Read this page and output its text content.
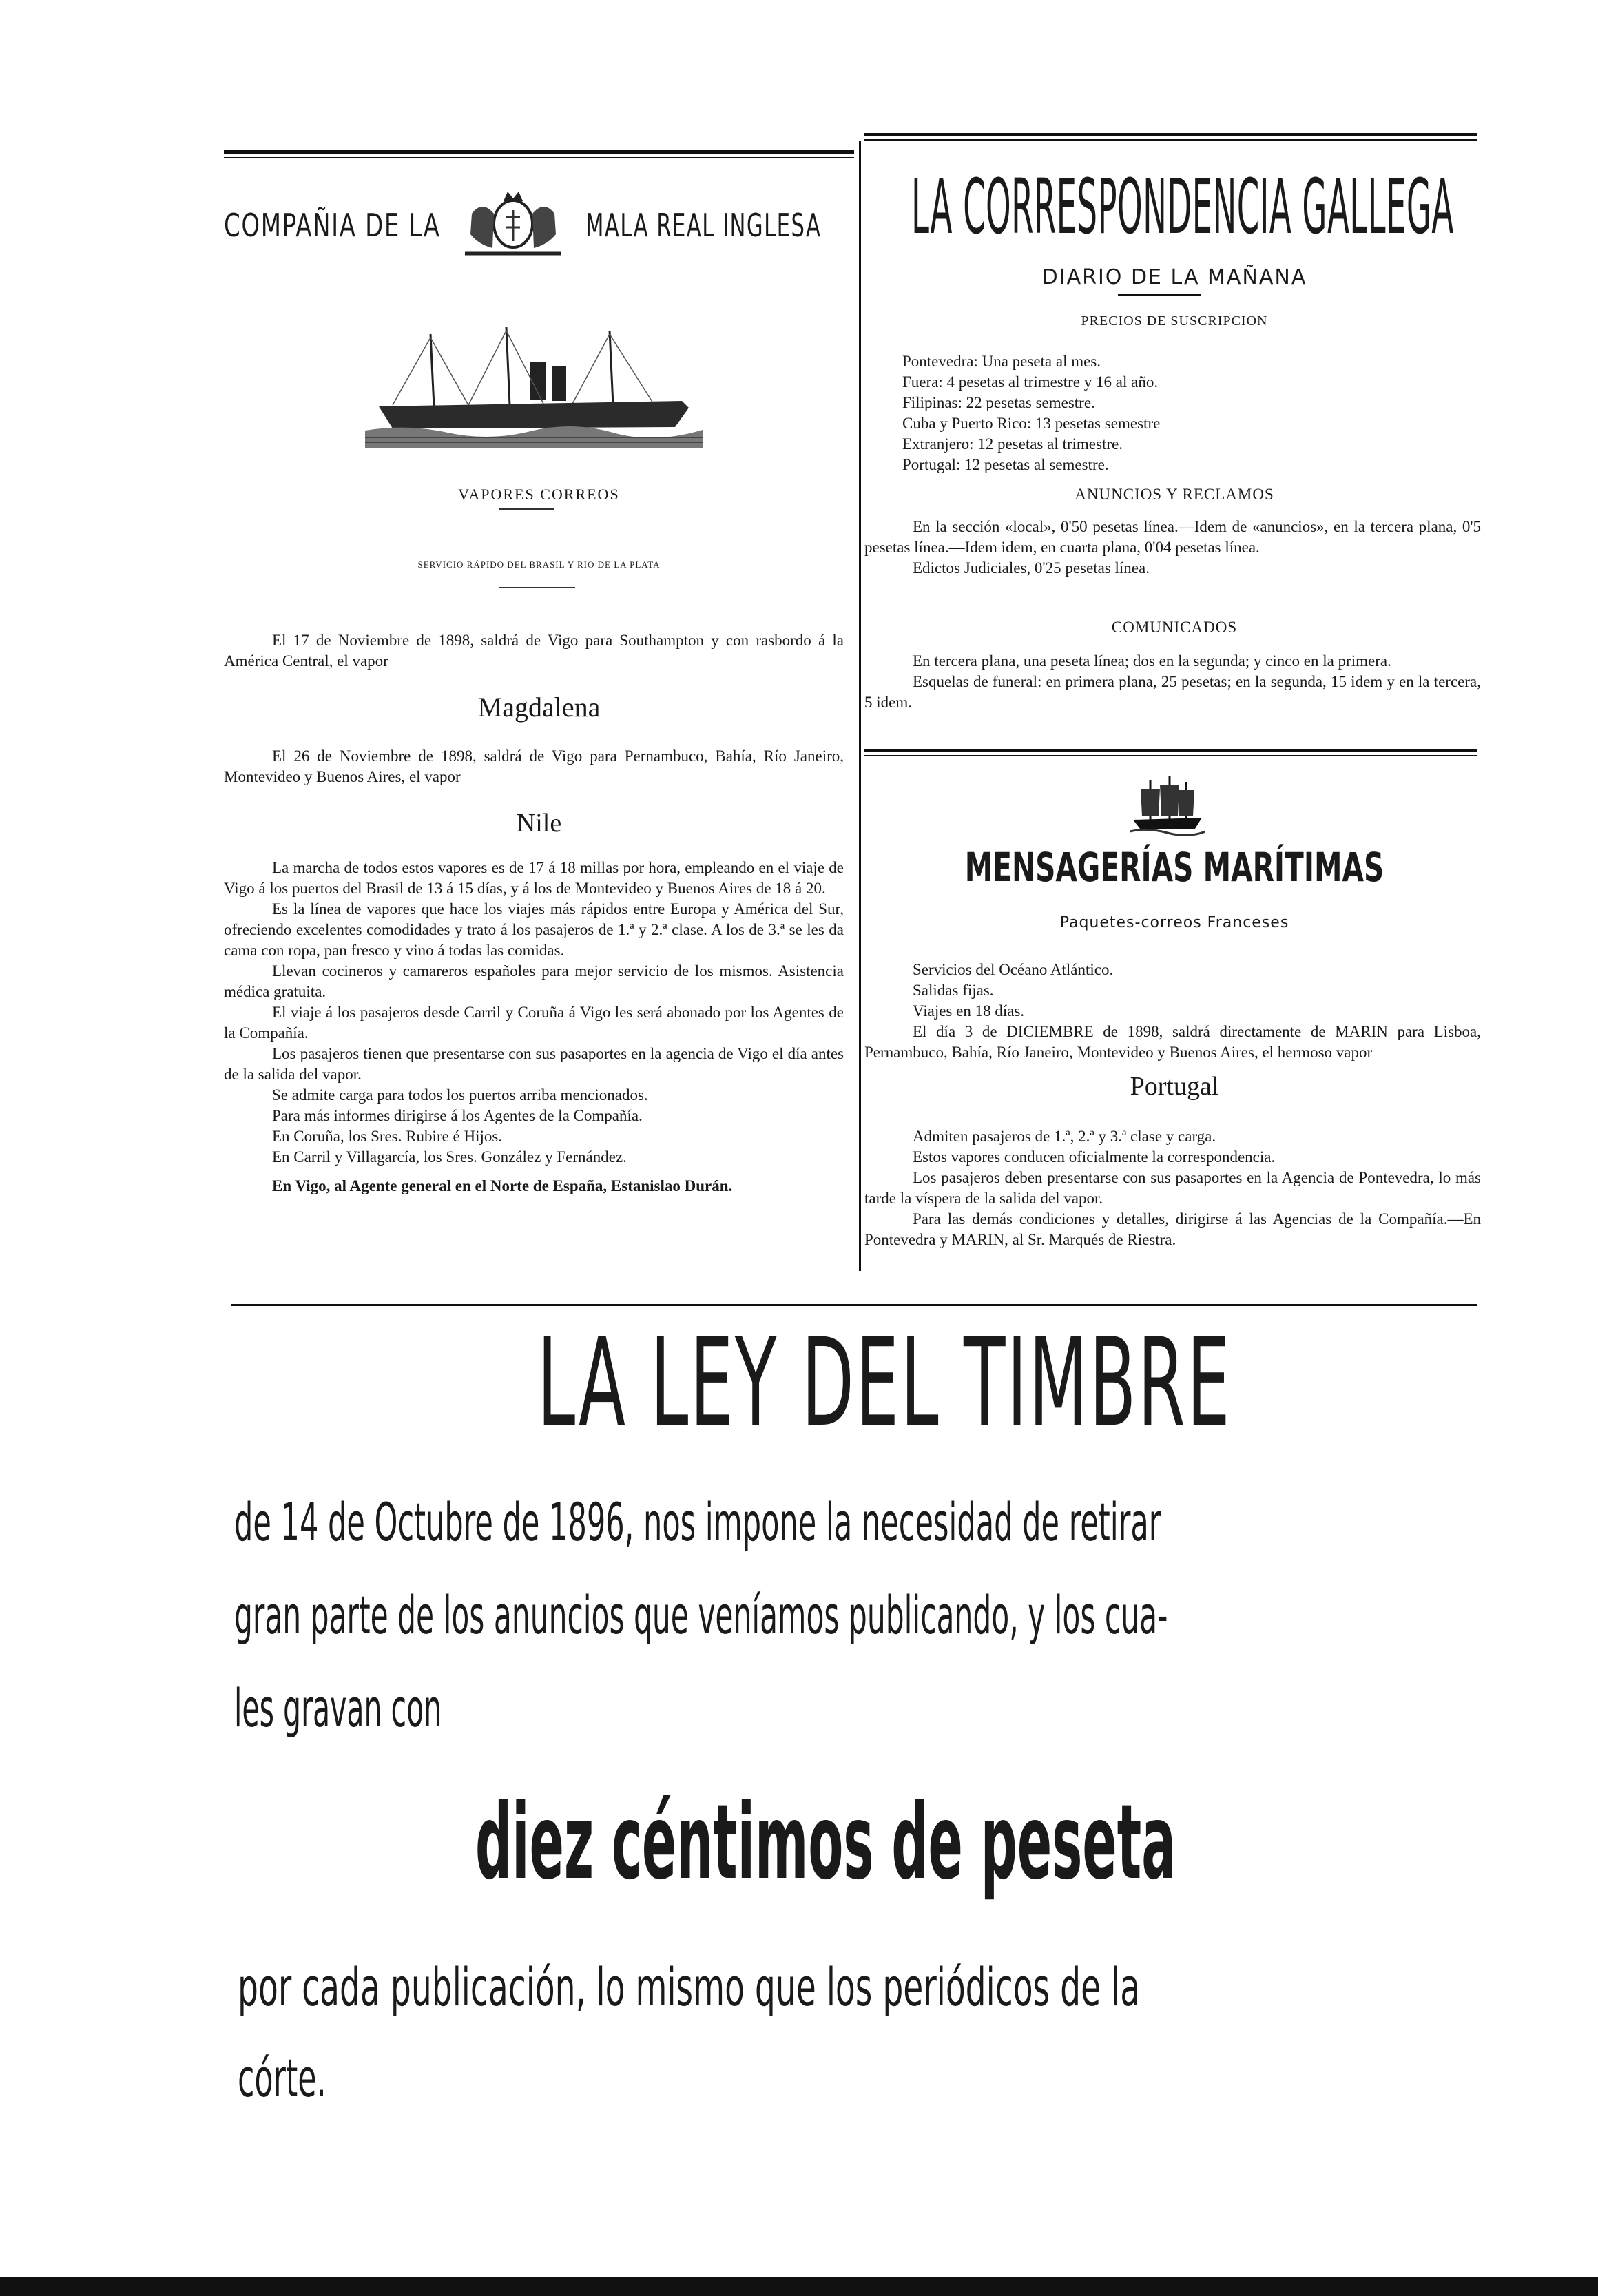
COMPAÑIA DE LA	MALA REAL INGLESA
VAPORES CORREOS
SERVICIO RÁPIDO DEL BRASIL Y RIO DE LA PLATA

El 17 de Noviembre de 1898, saldrá de Vigo para Southampton y con rasbordo á la América Central, el vapor

Magdalena

El 26 de Noviembre de 1898, saldrá de Vigo para Pernambuco, Bahía, Río Janeiro, Montevideo y Buenos Aires, el vapor

Nile

La marcha de todos estos vapores es de 17 á 18 millas por hora, empleando en el viaje de Vigo á los puertos del Brasil de 13 á 15 días, y á los de Montevideo y Buenos Aires de 18 á 20.

Es la línea de vapores que hace los viajes más rápidos entre Europa y América del Sur, ofreciendo excelentes comodidades y trato á los pasajeros de 1.ª y 2.ª clase. A los de 3.ª se les da cama con ropa, pan fresco y vino á todas las comidas.

Llevan cocineros y camareros españoles para mejor servicio de los mismos. Asistencia médica gratuita.

El viaje á los pasajeros desde Carril y Coruña á Vigo les será abonado por los Agentes de la Compañía.

Los pasajeros tienen que presentarse con sus pasaportes en la agencia de Vigo el día antes de la salida del vapor.

Se admite carga para todos los puertos arriba mencionados.

Para más informes dirigirse á los Agentes de la Compañía.

En Coruña, los Sres. Rubire é Hijos.

En Carril y Villagarcía, los Sres. González y Fernández.

En Vigo, al Agente general en el Norte de España, Estanislao Durán.

LA CORRESPONDENCIA GALLEGA
DIARIO DE LA MAÑANA
PRECIOS DE SUSCRIPCION

Pontevedra: Una peseta al mes.

Fuera: 4 pesetas al trimestre y 16 al año.

Filipinas: 22 pesetas semestre.

Cuba y Puerto Rico: 13 pesetas semestre

Extranjero: 12 pesetas al trimestre.

Portugal: 12 pesetas al semestre.

ANUNCIOS Y RECLAMOS

En la sección «local», 0'50 pesetas línea.—Idem de «anuncios», en la tercera plana, 0'5 pesetas línea.—Idem idem, en cuarta plana, 0'04 pesetas línea.

Edictos Judiciales, 0'25 pesetas línea.

COMUNICADOS

En tercera plana, una peseta línea; dos en la segunda; y cinco en la primera.

Esquelas de funeral: en primera plana, 25 pesetas; en la segunda, 15 idem y en la tercera, 5 idem.

MENSAGERÍAS MARÍTIMAS
Paquetes-correos Franceses

Servicios del Océano Atlántico.

Salidas fijas.

Viajes en 18 días.

El día 3 de DICIEMBRE de 1898, saldrá directamente de MARIN para Lisboa, Pernambuco, Bahía, Río Janeiro, Montevideo y Buenos Aires, el hermoso vapor

Portugal

Admiten pasajeros de 1.ª, 2.ª y 3.ª clase y carga.

Estos vapores conducen oficialmente la correspondencia.

Los pasajeros deben presentarse con sus pasaportes en la Agencia de Pontevedra, lo más tarde la víspera de la salida del vapor.

Para las demás condiciones y detalles, dirigirse á las Agencias de la Compañía.—En Pontevedra y MARIN, al Sr. Marqués de Riestra.

LA LEY DEL TIMBRE
de 14 de Octubre de 1896, nos impone la necesidad de retirar
gran parte de los anuncios que veníamos publicando, y los cua-
les gravan con
diez céntimos de peseta
por cada publicación, lo mismo que los periódicos de la
córte.
